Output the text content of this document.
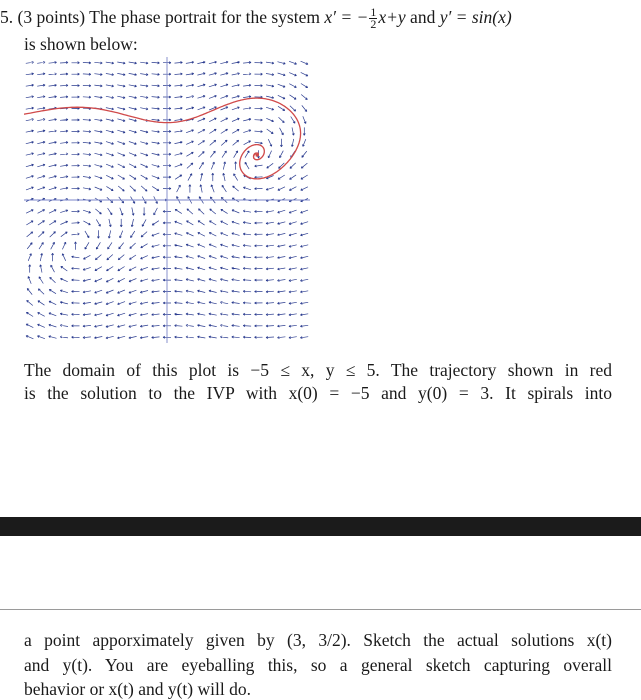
5. (3 points) The phase portrait for the system x′ = − $\frac{1}{2} x+y$ and y′ = sin(x)
is shown below:
The domain of this plot is −5 ≤ x, y ≤ 5. The trajectory shown in red
is the solution to the IVP with x(0) = −5 and y(0) = 3. It spirals into
a point apporximately given by (3, 3/2). Sketch the actual solutions x(t)
and y(t). You are eyeballing this, so a general sketch capturing overall
behavior or x(t) and y(t) will do.
